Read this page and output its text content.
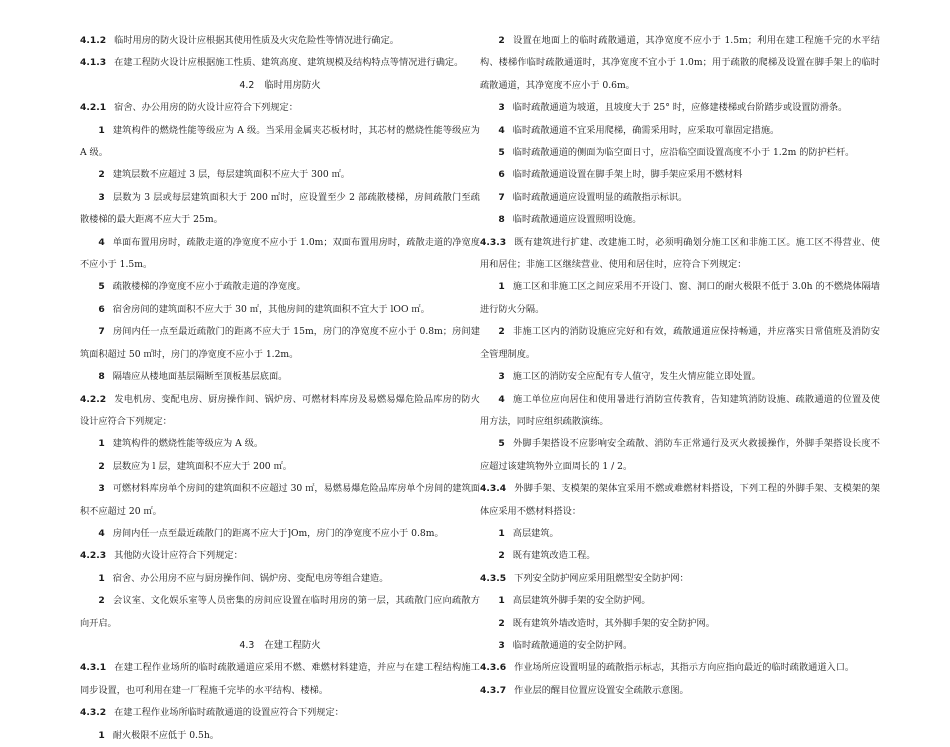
4.1.2 临时用房的防火设计应根据其使用性质及火灾危险性等情况进行确定。

4.1.3 在建工程防火设计应根据施工性质、建筑高度、建筑规模及结构特点等情况进行确定。

4.2 临时用房防火

4.2.1 宿舍、办公用房的防火设计应符合下列规定：

1 建筑构件的燃烧性能等级应为 A 级。当采用金属夹芯板材时，其芯材的燃烧性能等级应为 A 级。

2 建筑层数不应超过 3 层，每层建筑面积不应大于 300 ㎡。

3 层数为 3 层或每层建筑面积大于 200 ㎡时，应设置至少 2 部疏散楼梯，房间疏散门至疏散楼梯的最大距离不应大于 25m。

4 单面布置用房时，疏散走道的净宽度不应小于 1.0m；双面布置用房时，疏散走道的净宽度不应小于 1.5m。

5 疏散楼梯的净宽度不应小于疏散走道的净宽度。

6 宿舍房间的建筑面积不应大于 30 ㎡，其他房间的建筑面积不宜大于 lOO ㎡。

7 房间内任一点至最近疏散门的距离不应大于 15m，房门的净宽度不应小于 0.8m；房间建筑面积超过 50 ㎡时，房门的净宽度不应小于 1.2m。

8 隔墙应从楼地面基层隔断至顶板基层底面。

4.2.2 发电机房、变配电房、厨房操作间、锅炉房、可燃材料库房及易燃易爆危险品库房的防火设计应符合下列规定：

1 建筑构件的燃烧性能等级应为 A 级。

2 层数应为 l 层，建筑面积不应大于 200 ㎡。

3 可燃材料库房单个房间的建筑面积不应超过 30 ㎡，易燃易爆危险品库房单个房间的建筑面积不应超过 20 ㎡。

4 房间内任一点至最近疏散门的距离不应大于]Om，房门的净宽度不应小于 0.8m。

4.2.3 其他防火设计应符合下列规定：

1 宿舍、办公用房不应与厨房操作间、锅炉房、变配电房等组合建造。

2 会议室、文化娱乐室等人员密集的房间应设置在临时用房的第一层，其疏散门应向疏散方向开启。

4.3 在建工程防火

4.3.1 在建工程作业场所的临时疏散通道应采用不燃、难燃材料建造，并应与在建工程结构施工同步设置，也可利用在建一厂程施千完毕的水平结构、楼梯。

4.3.2 在建工程作业场所临时疏散通道的设置应符合下列规定：

1 耐火极限不应低于 0.5h。

2 设置在地面上的临时疏散通道，其净宽度不应小于 1.5m；利用在建工程施千完的水平结构、楼梯作临时疏散通道时，其净宽度不宜小于 1.0m；用于疏散的爬梯及设置在脚手架上的临时疏散通道，其净宽度不应小于 0.6m。

3 临时疏散通道为坡道，且坡度大于 25° 时，应修建楼梯或台阶踏步或设置防滑条。

4 临时疏散通道不宜采用爬梯，确需采用时，应采取可靠固定措施。

5 临时疏散通道的侧面为临空面日寸，应沿临空面设置高度不小于 1.2m 的防护栏杆。

6 临时疏散通道设置在脚手架上时，脚手架应采用不燃材料

7 临时疏散通道应设置明显的疏散指示标识。

8 临时疏散通道应设置照明设施。

4.3.3 既有建筑进行扩建、改建施工时，必须明确划分施工区和非施工区。施工区不得营业、使用和居住；非施工区继续营业、使用和居住时，应符合下列规定：

1 施工区和非施工区之间应采用不开设门、窗、洞口的耐火极限不低于 3.0h 的不燃烧体隔墙进行防火分隔。

2 非施工区内的消防设施应完好和有效，疏散通道应保持畅通，并应落实日常值班及消防安全管理制度。

3 施工区的消防安全应配有专人值守，发生火情应能立即处置。

4 施工单位应向居住和使用暑进行消防宣传教育，告知建筑消防设施、疏散通道的位置及使用方法，同时应组织疏散演练。

5 外脚手架搭设不应影响安全疏散、消防车正常通行及灭火救援操作，外脚手架搭设长度不应超过该建筑物外立面周长的 1 / 2。

4.3.4 外脚手架、支模架的架体宜采用不燃或难燃材料搭设，下列工程的外脚手架、支模架的架体应采用不燃材料搭设：

1 高层建筑。

2 既有建筑改造工程。

4.3.5 下列安全防护网应采用阻燃型安全防护网：

1 高层建筑外脚手架的安全防护网。

2 既有建筑外墙改造时，其外脚手架的安全防护网。

3 临时疏散通道的安全防护网。

4.3.6 作业场所应设置明显的疏散指示标志，其指示方向应指向最近的临时疏散通道入口。

4.3.7 作业层的醒目位置应设置安全疏散示意图。
